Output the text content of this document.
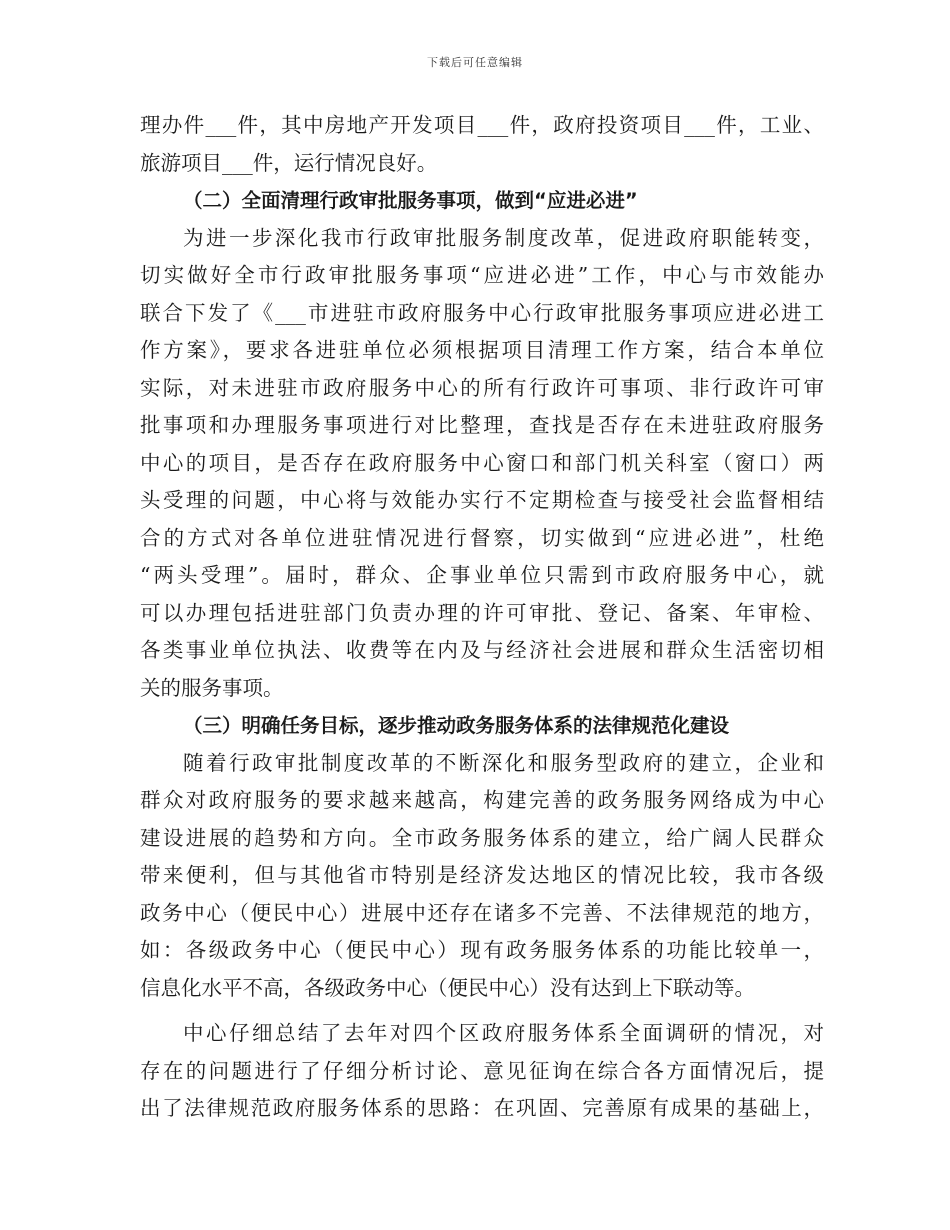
下载后可任意编辑
理办件___件，其中房地产开发项目___件，政府投资项目___件，工业、
旅游项目___件，运行情况良好。
（二）全面清理行政审批服务事项，做到“应进必进”
为进一步深化我市行政审批服务制度改革，促进政府职能转变，
切实做好全市行政审批服务事项“应进必进”工作，中心与市效能办
联合下发了《___市进驻市政府服务中心行政审批服务事项应进必进工
作方案》，要求各进驻单位必须根据项目清理工作方案，结合本单位
实际，对未进驻市政府服务中心的所有行政许可事项、非行政许可审
批事项和办理服务事项进行对比整理，查找是否存在未进驻政府服务
中心的项目，是否存在政府服务中心窗口和部门机关科室（窗口）两
头受理的问题，中心将与效能办实行不定期检查与接受社会监督相结
合的方式对各单位进驻情况进行督察，切实做到“应进必进”，杜绝
“两头受理”。届时，群众、企事业单位只需到市政府服务中心，就
可以办理包括进驻部门负责办理的许可审批、登记、备案、年审检、
各类事业单位执法、收费等在内及与经济社会进展和群众生活密切相
关的服务事项。
（三）明确任务目标，逐步推动政务服务体系的法律规范化建设
随着行政审批制度改革的不断深化和服务型政府的建立，企业和
群众对政府服务的要求越来越高，构建完善的政务服务网络成为中心
建设进展的趋势和方向。全市政务服务体系的建立，给广阔人民群众
带来便利，但与其他省市特别是经济发达地区的情况比较，我市各级
政务中心（便民中心）进展中还存在诸多不完善、不法律规范的地方，
如：各级政务中心（便民中心）现有政务服务体系的功能比较单一，
信息化水平不高，各级政务中心（便民中心）没有达到上下联动等。
中心仔细总结了去年对四个区政府服务体系全面调研的情况，对
存在的问题进行了仔细分析讨论、意见征询在综合各方面情况后，提
出了法律规范政府服务体系的思路：在巩固、完善原有成果的基础上，
